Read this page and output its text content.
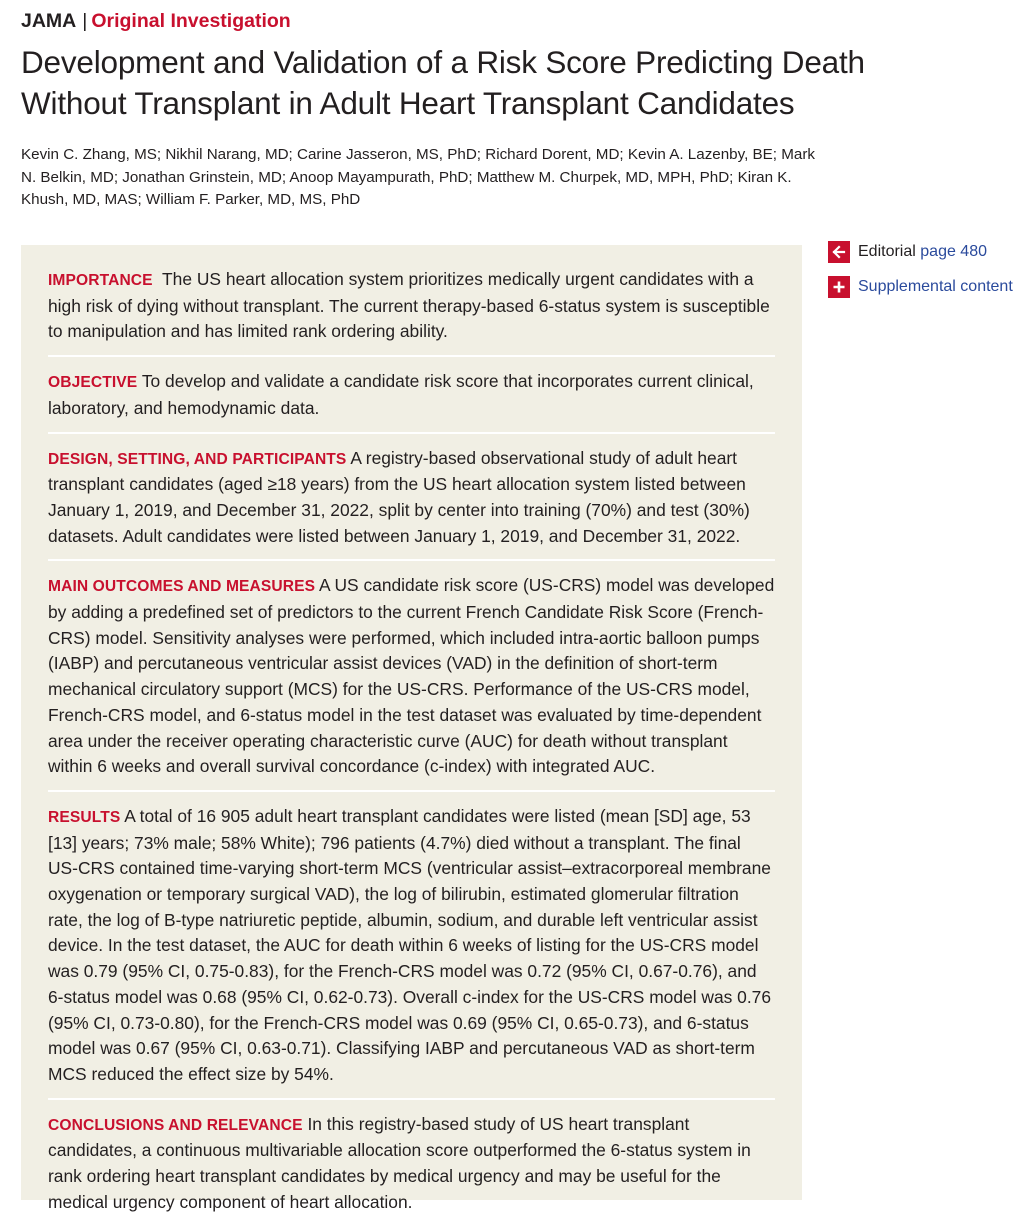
JAMA | Original Investigation
Development and Validation of a Risk Score Predicting Death Without Transplant in Adult Heart Transplant Candidates

Kevin C. Zhang, MS; Nikhil Narang, MD; Carine Jasseron, MS, PhD; Richard Dorent, MD; Kevin A. Lazenby, BE; Mark N. Belkin, MD; Jonathan Grinstein, MD; Anoop Mayampurath, PhD; Matthew M. Churpek, MD, MPH, PhD; Kiran K. Khush, MD, MAS; William F. Parker, MD, MS, PhD

IMPORTANCE The US heart allocation system prioritizes medically urgent candidates with a high risk of dying without transplant. The current therapy-based 6-status system is susceptible to manipulation and has limited rank ordering ability.

OBJECTIVE To develop and validate a candidate risk score that incorporates current clinical, laboratory, and hemodynamic data.

DESIGN, SETTING, AND PARTICIPANTS A registry-based observational study of adult heart transplant candidates (aged ≥18 years) from the US heart allocation system listed between January 1, 2019, and December 31, 2022, split by center into training (70%) and test (30%) datasets. Adult candidates were listed between January 1, 2019, and December 31, 2022.

MAIN OUTCOMES AND MEASURES A US candidate risk score (US-CRS) model was developed by adding a predefined set of predictors to the current French Candidate Risk Score (French-CRS) model. Sensitivity analyses were performed, which included intra-aortic balloon pumps (IABP) and percutaneous ventricular assist devices (VAD) in the definition of short-term mechanical circulatory support (MCS) for the US-CRS. Performance of the US-CRS model, French-CRS model, and 6-status model in the test dataset was evaluated by time-dependent area under the receiver operating characteristic curve (AUC) for death without transplant within 6 weeks and overall survival concordance (c-index) with integrated AUC.

RESULTS A total of 16 905 adult heart transplant candidates were listed (mean [SD] age, 53 [13] years; 73% male; 58% White); 796 patients (4.7%) died without a transplant. The final US-CRS contained time-varying short-term MCS (ventricular assist–extracorporeal membrane oxygenation or temporary surgical VAD), the log of bilirubin, estimated glomerular filtration rate, the log of B-type natriuretic peptide, albumin, sodium, and durable left ventricular assist device. In the test dataset, the AUC for death within 6 weeks of listing for the US-CRS model was 0.79 (95% CI, 0.75-0.83), for the French-CRS model was 0.72 (95% CI, 0.67-0.76), and 6-status model was 0.68 (95% CI, 0.62-0.73). Overall c-index for the US-CRS model was 0.76 (95% CI, 0.73-0.80), for the French-CRS model was 0.69 (95% CI, 0.65-0.73), and 6-status model was 0.67 (95% CI, 0.63-0.71). Classifying IABP and percutaneous VAD as short-term MCS reduced the effect size by 54%.

CONCLUSIONS AND RELEVANCE In this registry-based study of US heart transplant candidates, a continuous multivariable allocation score outperformed the 6-status system in rank ordering heart transplant candidates by medical urgency and may be useful for the medical urgency component of heart allocation.

Editorial page 480
Supplemental content
